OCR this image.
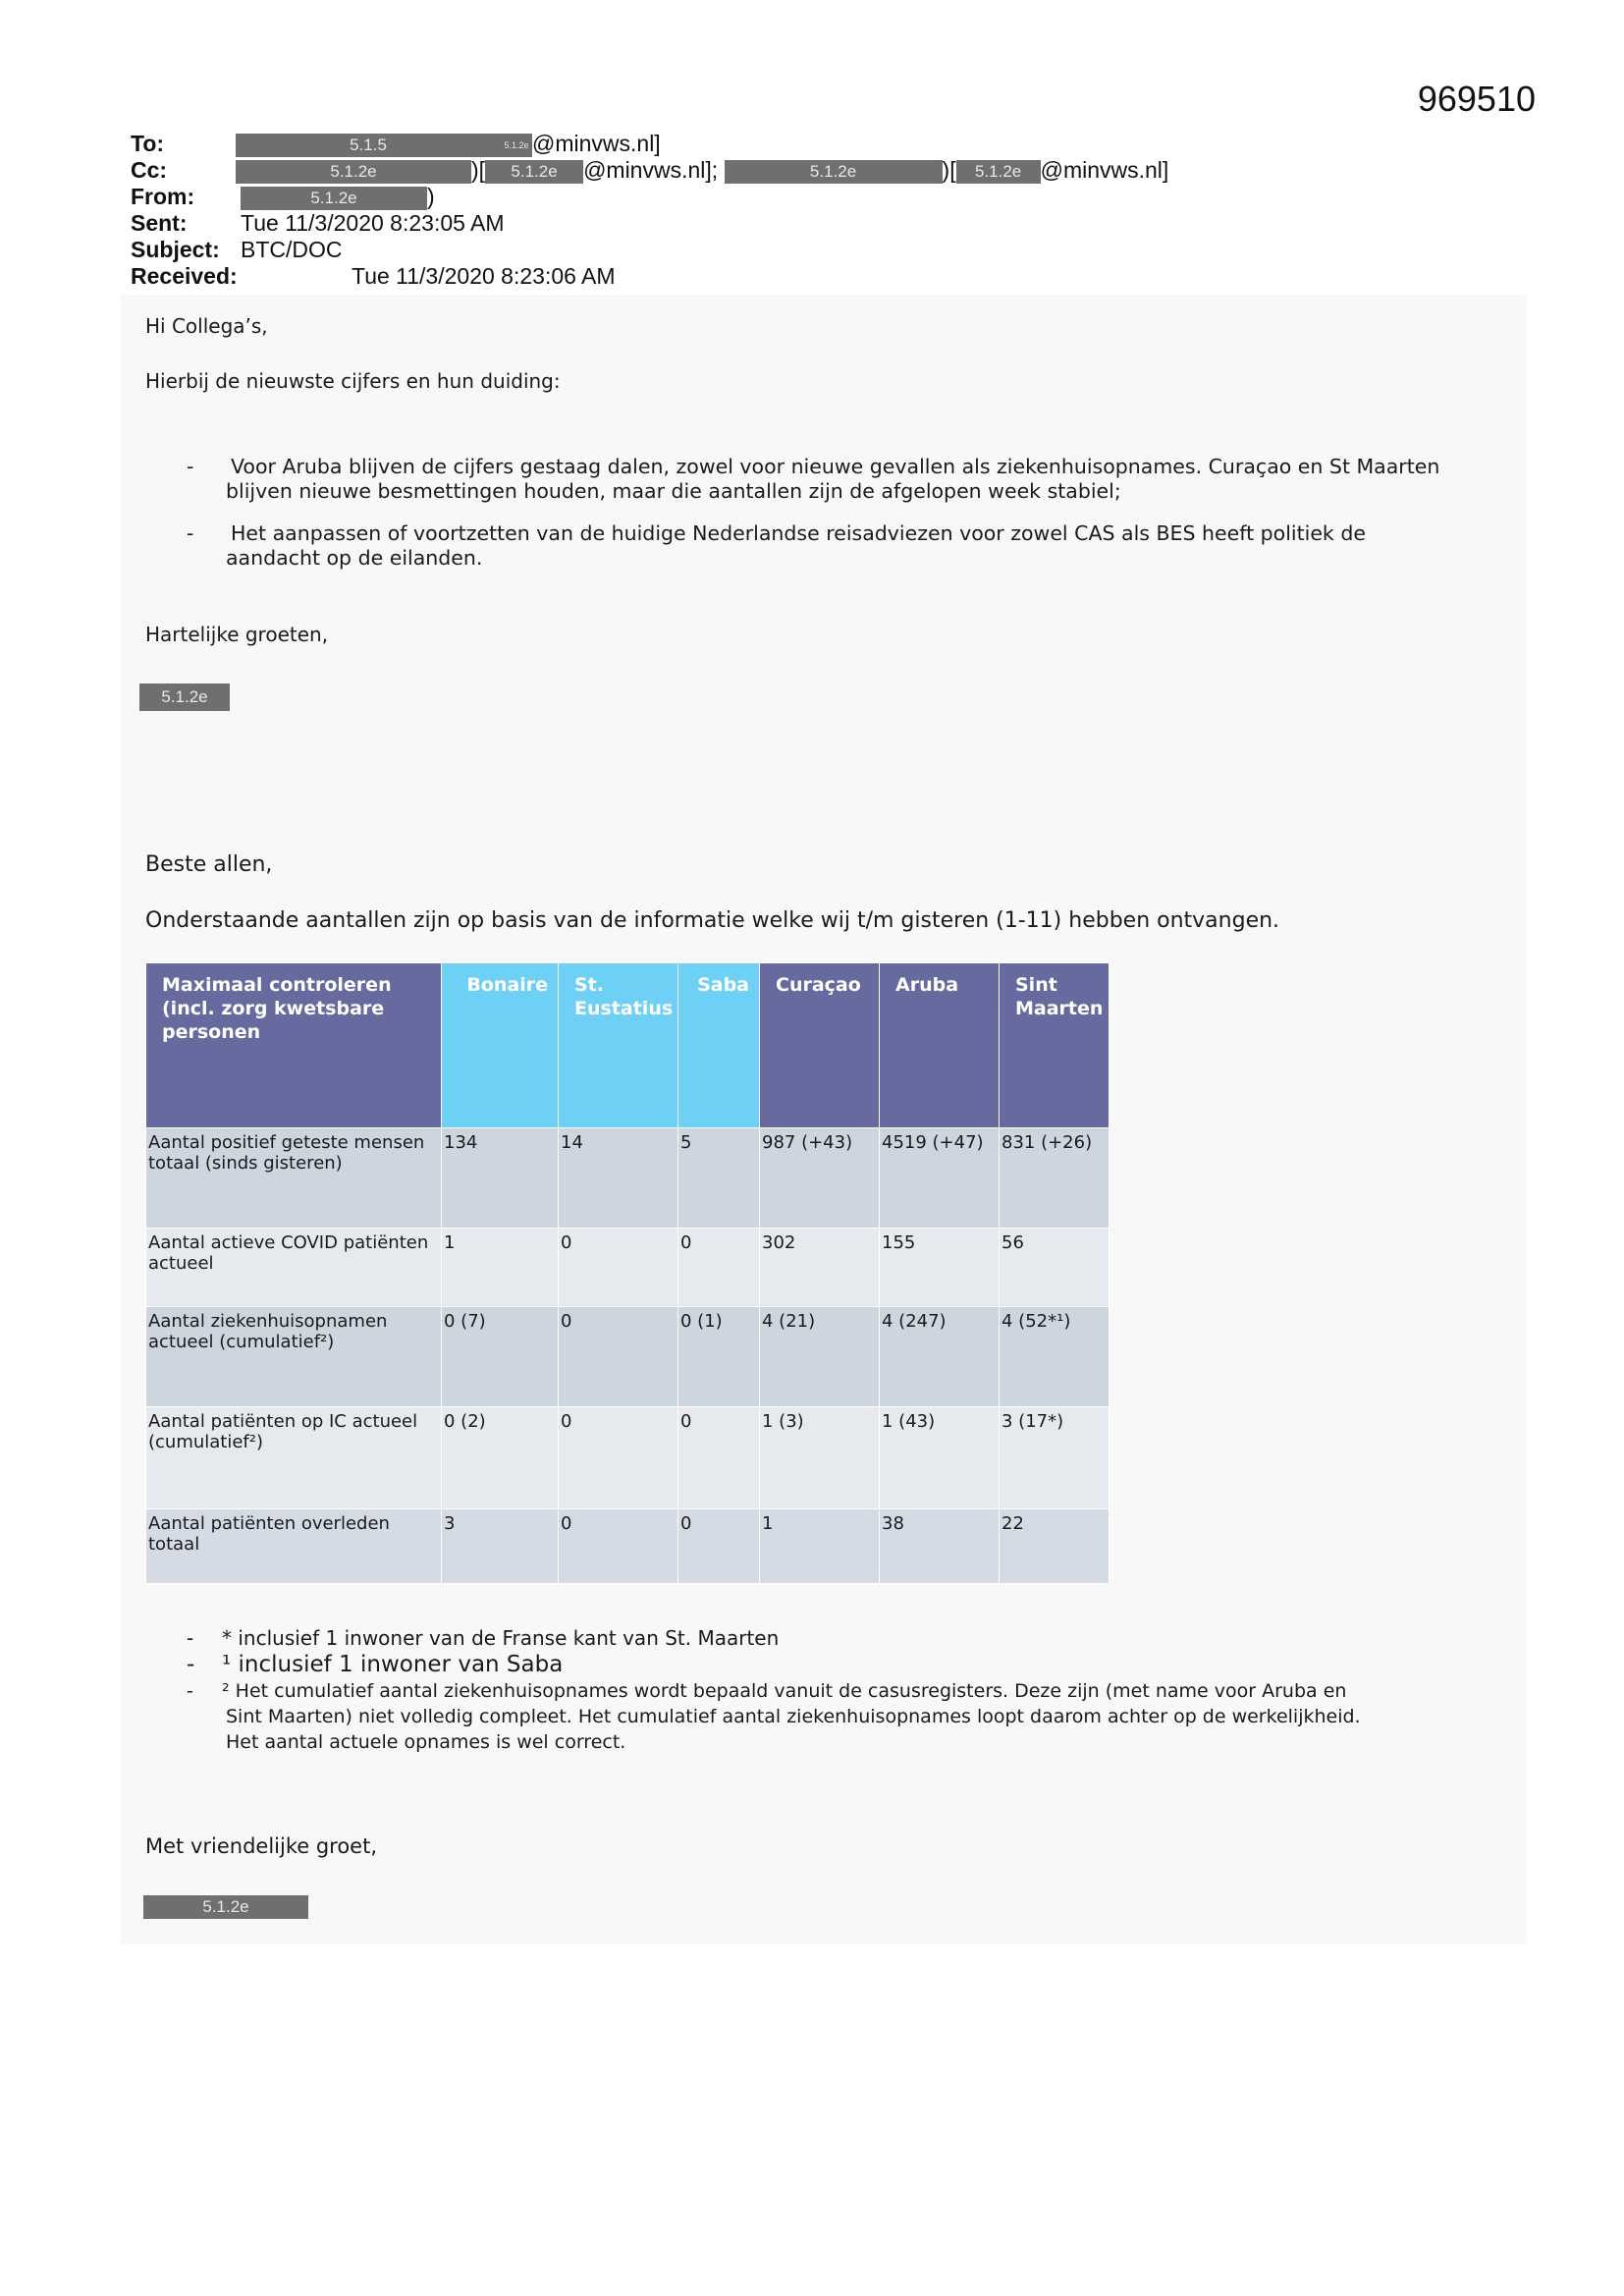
969510
To:	5.1.5	5.1.2e @minvws.nl]
Cc:	5.1.2e	)[ 5.1.2e @minvws.nl];	5.1.2e	)[ 5.1.2e @minvws.nl]
From:	5.1.2e	)
Sent: Tue 11/3/2020 8:23:05 AM
Subject: BTC/DOC
Received:	Tue 11/3/2020 8:23:06 AM
Hi Collega’s,
Hierbij de nieuwste cijfers en hun duiding:
- Voor Aruba blijven de cijfers gestaag dalen, zowel voor nieuwe gevallen als ziekenhuisopnames. Curaçao en St Maarten
blijven nieuwe besmettingen houden, maar die aantallen zijn de afgelopen week stabiel;
- Het aanpassen of voortzetten van de huidige Nederlandse reisadviezen voor zowel CAS als BES heeft politiek de
aandacht op de eilanden.
Hartelijke groeten,
5.1.2e
Beste allen,
Onderstaande aantallen zijn op basis van de informatie welke wij t/m gisteren (1-11) hebben ontvangen.
Maximaal controleren (incl. zorg kwetsbare personen	Bonaire	St. Eustatius	Saba	Curaçao	Aruba	Sint Maarten
Aantal positief geteste mensen totaal (sinds gisteren)	134	14	5	987 (+43)	4519 (+47)	831 (+26)
Aantal actieve COVID patiënten actueel	1	0	0	302	155	56
Aantal ziekenhuisopnamen actueel (cumulatief²)	0 (7)	0	0 (1)	4 (21)	4 (247)	4 (52*¹)
Aantal patiënten op IC actueel (cumulatief²)	0 (2)	0	0	1 (3)	1 (43)	3 (17*)
Aantal patiënten overleden totaal	3	0	0	1	38	22
- * inclusief 1 inwoner van de Franse kant van St. Maarten
- ¹ inclusief 1 inwoner van Saba
- ² Het cumulatief aantal ziekenhuisopnames wordt bepaald vanuit de casusregisters. Deze zijn (met name voor Aruba en
Sint Maarten) niet volledig compleet. Het cumulatief aantal ziekenhuisopnames loopt daarom achter op de werkelijkheid.
Het aantal actuele opnames is wel correct.
Met vriendelijke groet,
5.1.2e
